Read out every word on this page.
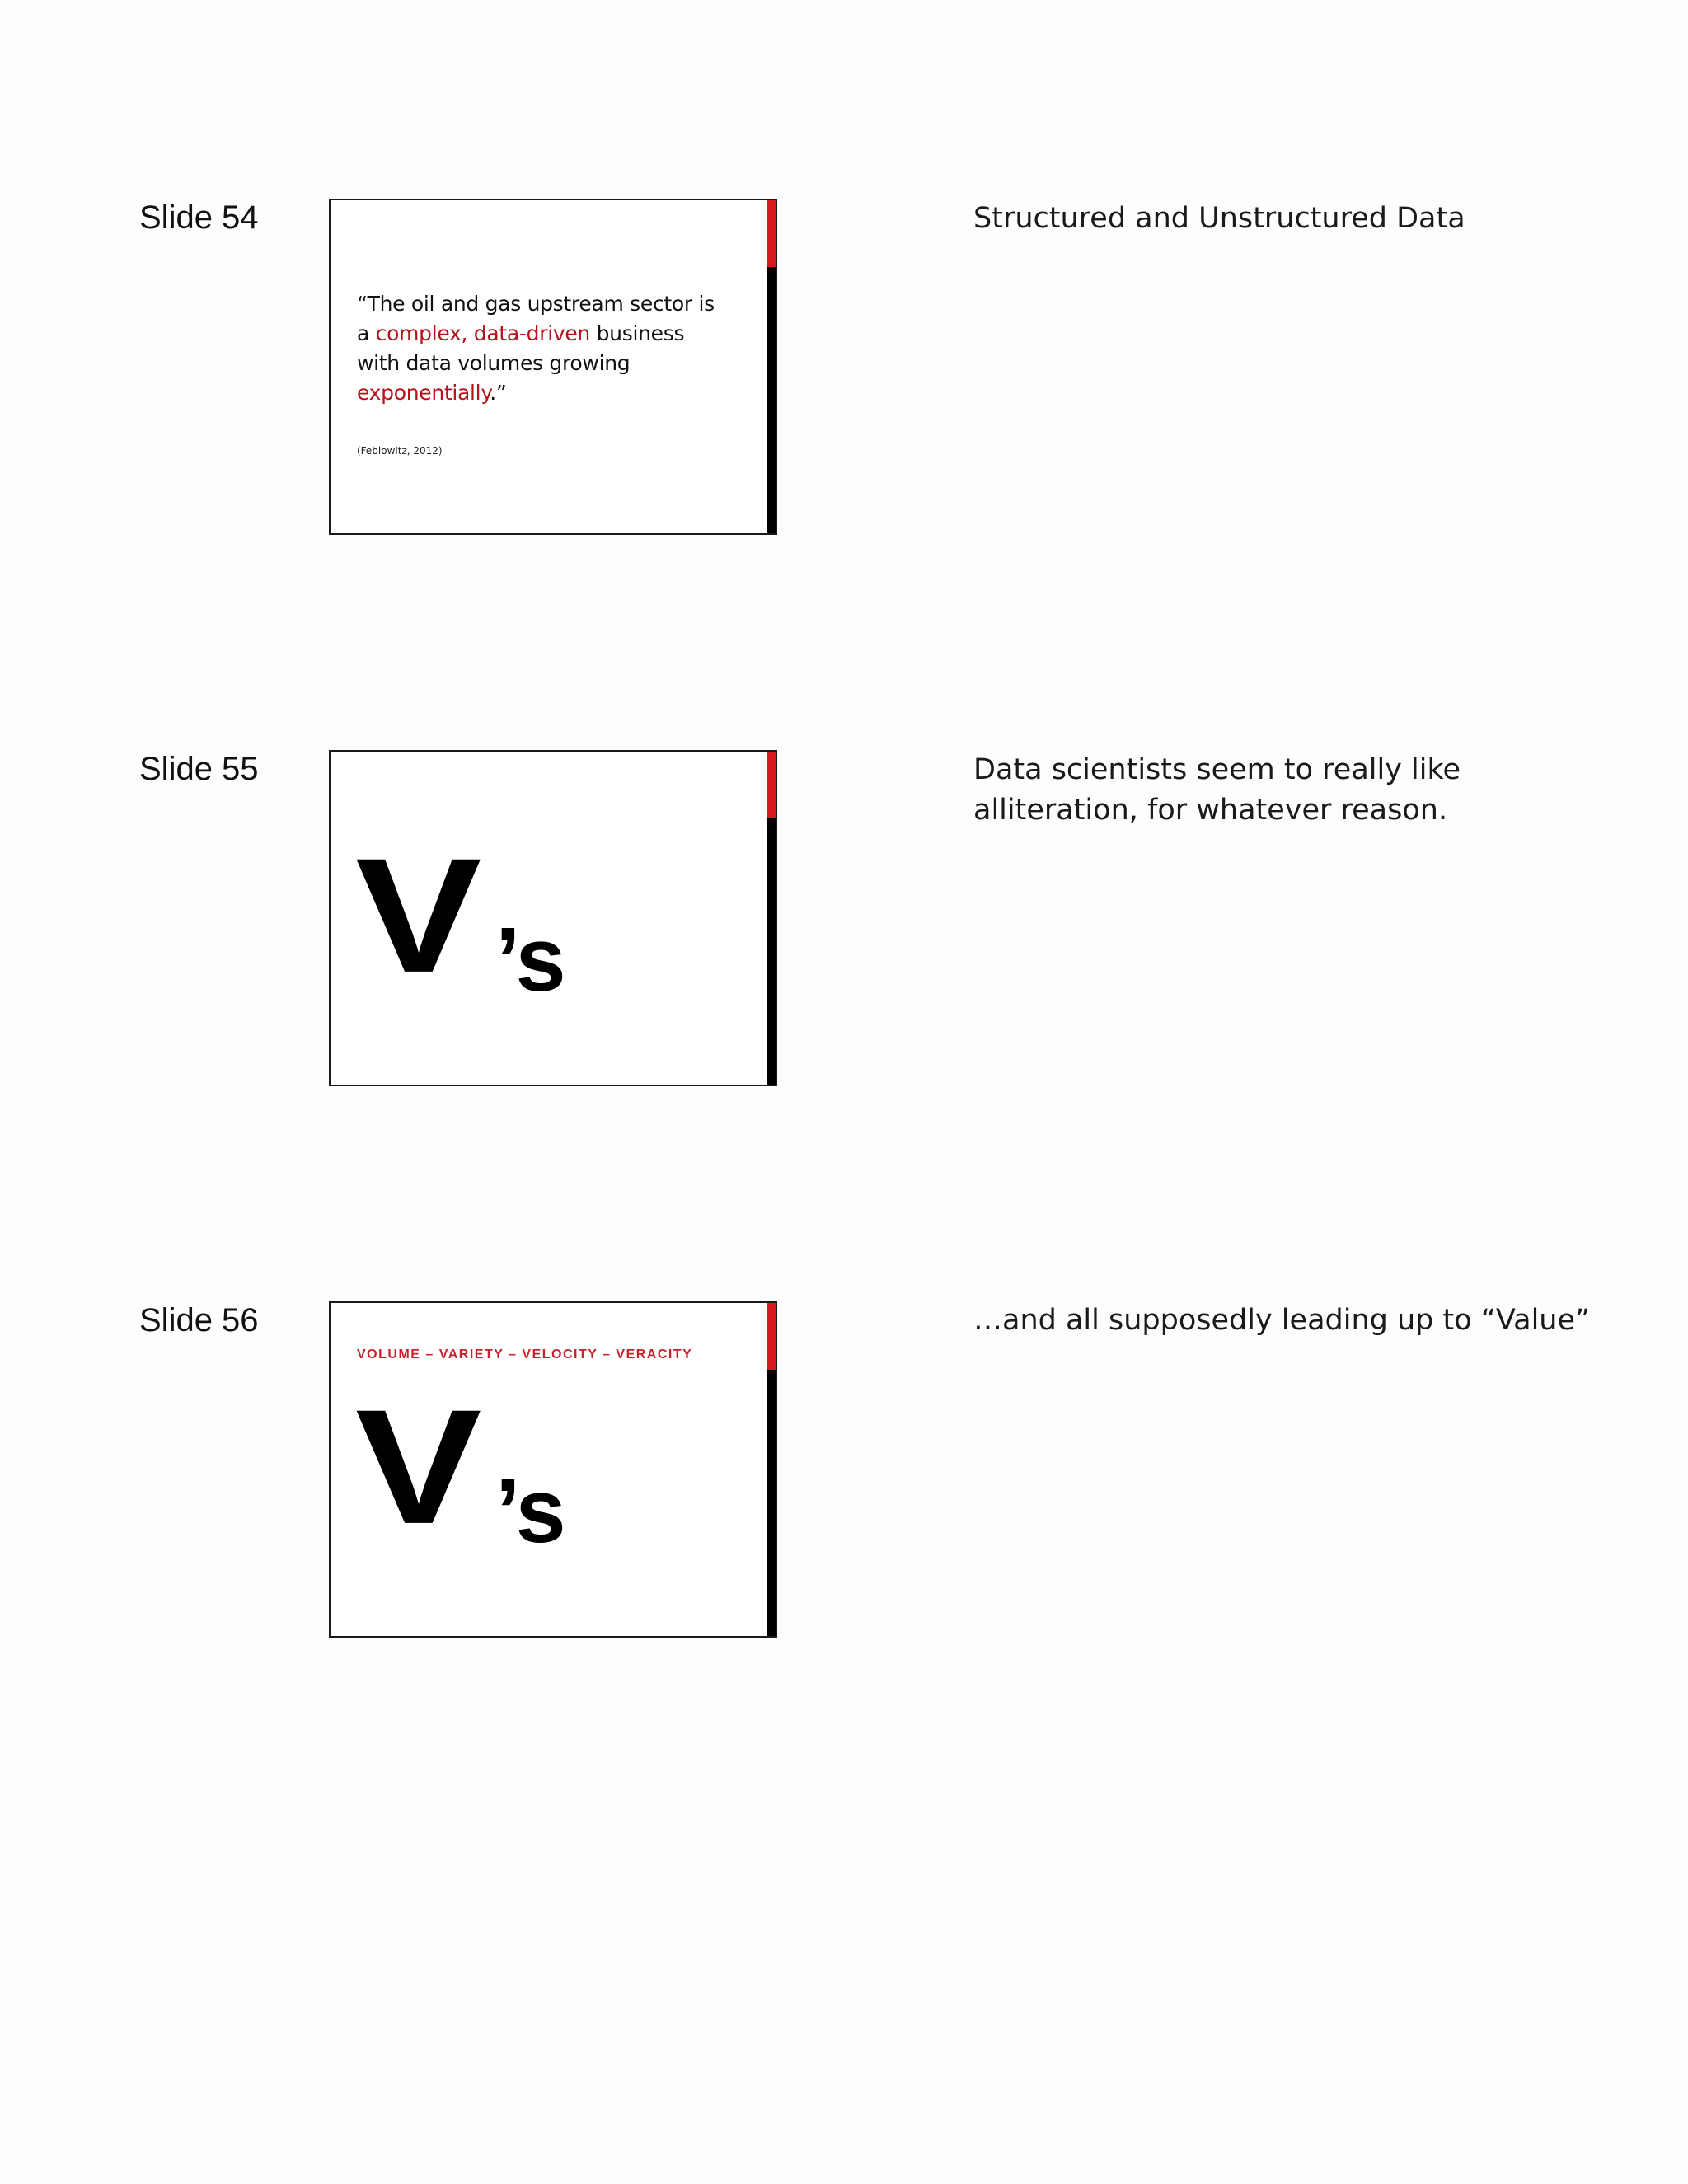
Slide 54
“The oil and gas upstream sector is a complex, data-driven business with data volumes growing exponentially.”
(Feblowitz, 2012)
Structured and Unstructured Data
Slide 55
V ’s
Data scientists seem to really like alliteration, for whatever reason.
Slide 56
VOLUME – VARIETY – VELOCITY – VERACITY
V ’s
…and all supposedly leading up to “Value”
